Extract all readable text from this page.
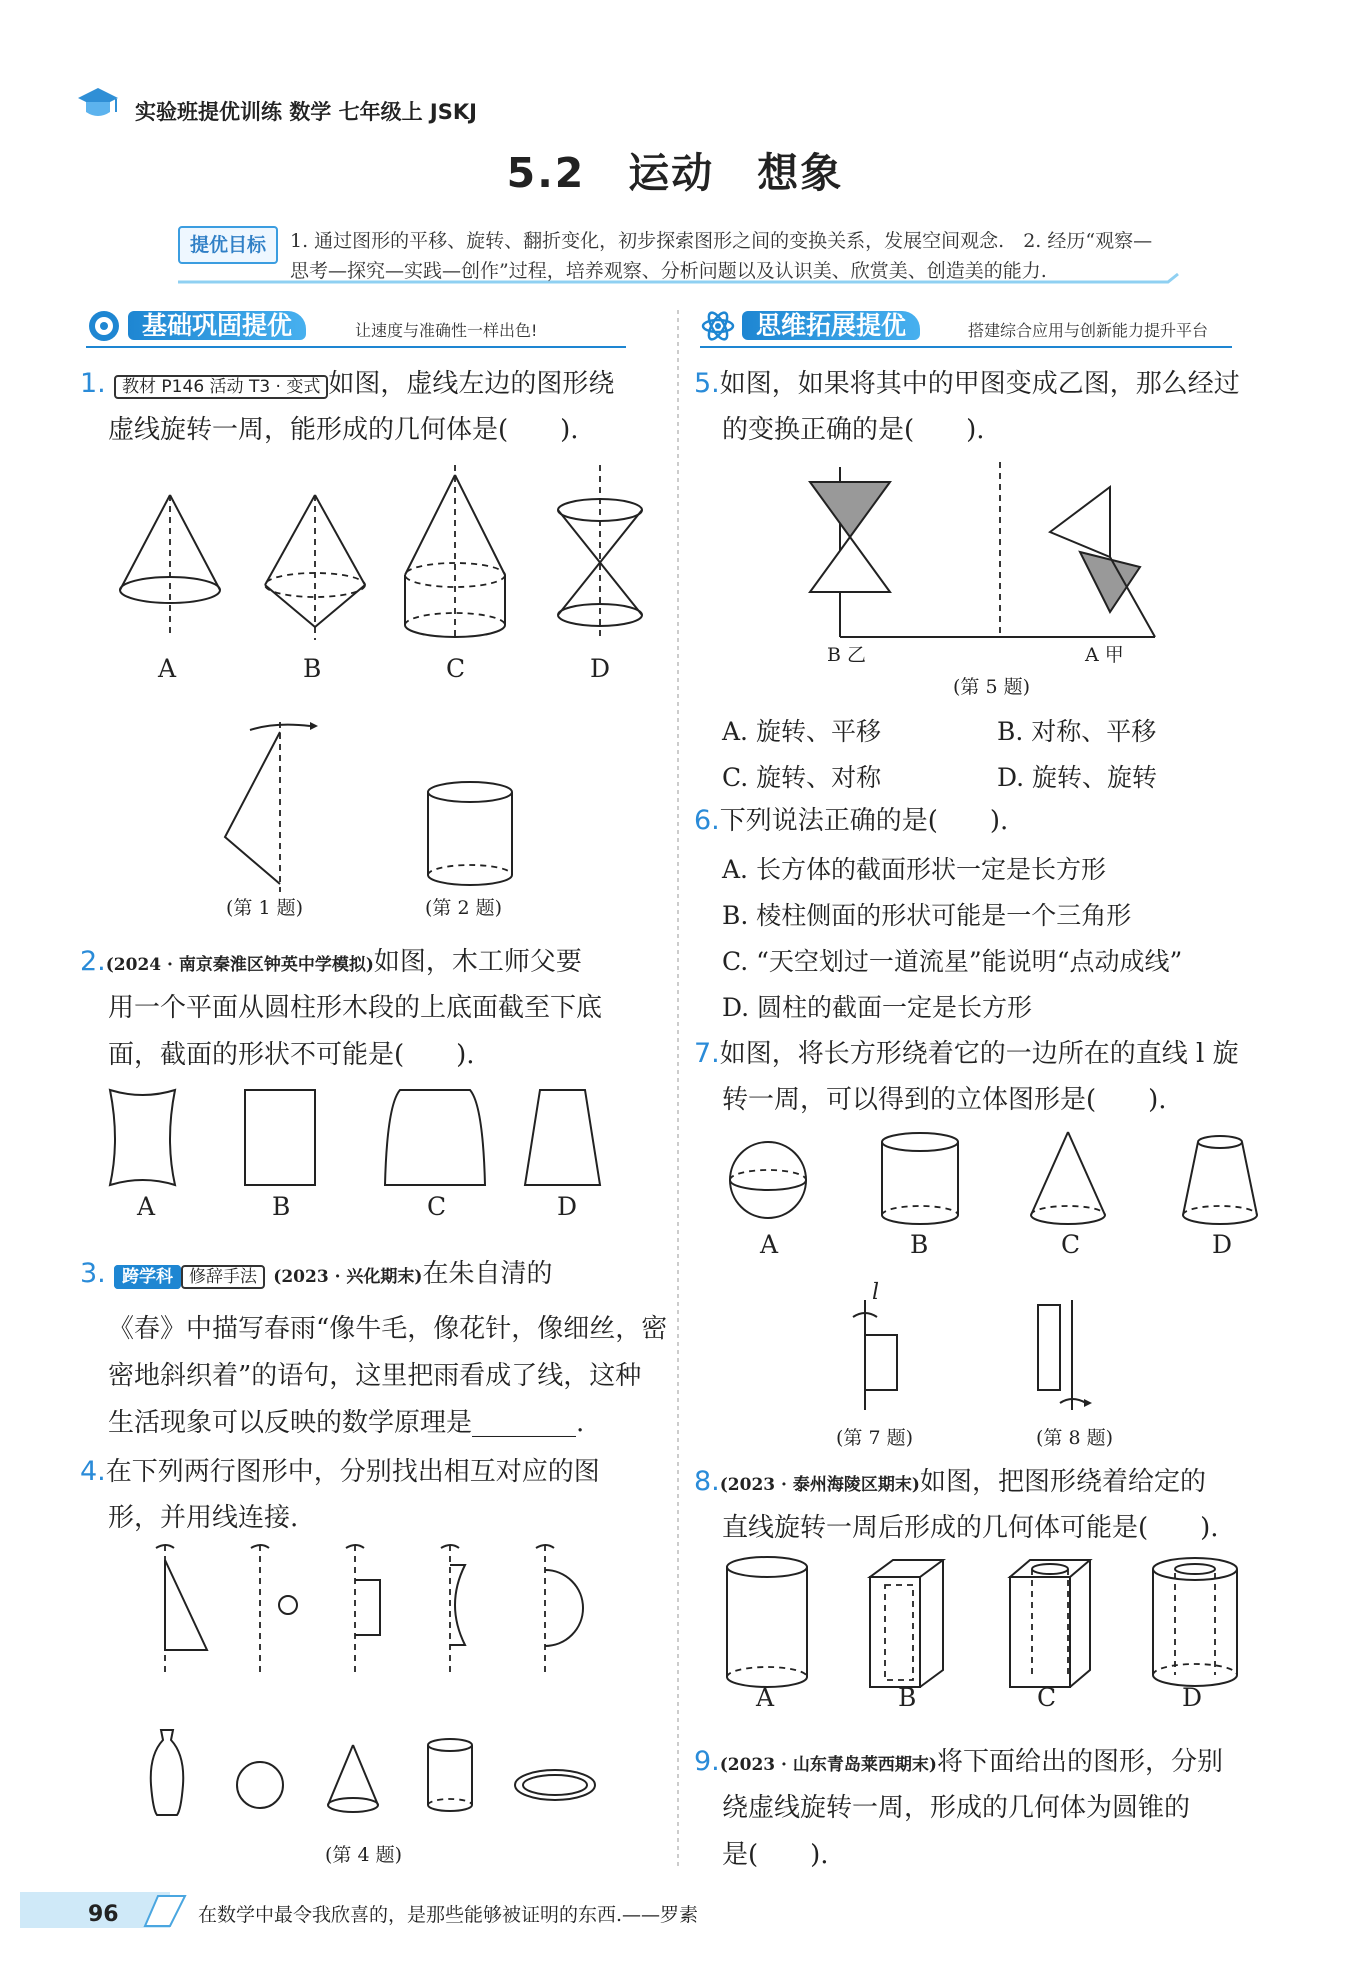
实验班提优训练 数学 七年级上 JSKJ
5.2　运动　想象
提优目标	1. 通过图形的平移、旋转、翻折变化，初步探索图形之间的变换关系，发展空间观念.　2. 经历“观察—思考—探究—实践—创作”过程，培养观察、分析问题以及认识美、欣赏美、创造美的能力.
基础巩固提优	让速度与准确性一样出色!	思维拓展提优	搭建综合应用与创新能力提升平台
1. 教材 P146 活动 T3 · 变式 如图，虚线左边的图形绕
虚线旋转一周，能形成的几何体是(　　).
A	B	C	D
(第 1 题)	(第 2 题)
2.(2024 · 南京秦淮区钟英中学模拟)如图，木工师父要
用一个平面从圆柱形木段的上底面截至下底
面，截面的形状不可能是(　　).
A	B	C	D
3. 跨学科 修辞手法 (2023 · 兴化期末)在朱自清的
《春》中描写春雨“像牛毛，像花针，像细丝，密
密地斜织着”的语句，这里把雨看成了线，这种
生活现象可以反映的数学原理是________.
4.在下列两行图形中，分别找出相互对应的图
形，并用线连接.
(第 4 题)
5.如图，如果将其中的甲图变成乙图，那么经过
的变换正确的是(　　).
B 乙	A 甲
(第 5 题)
A. 旋转、平移	B. 对称、平移
C. 旋转、对称	D. 旋转、旋转
6.下列说法正确的是(　　).
A. 长方体的截面形状一定是长方形
B. 棱柱侧面的形状可能是一个三角形
C. “天空划过一道流星”能说明“点动成线”
D. 圆柱的截面一定是长方形
7.如图，将长方形绕着它的一边所在的直线 l 旋
转一周，可以得到的立体图形是(　　).
A	B	C	D
l
(第 7 题)	(第 8 题)
8.(2023 · 泰州海陵区期末)如图，把图形绕着给定的
直线旋转一周后形成的几何体可能是(　　).
A	B	C	D
9.(2023 · 山东青岛莱西期末)将下面给出的图形，分别
绕虚线旋转一周，形成的几何体为圆锥的
是(　　).
96	在数学中最令我欣喜的，是那些能够被证明的东西.——罗素
